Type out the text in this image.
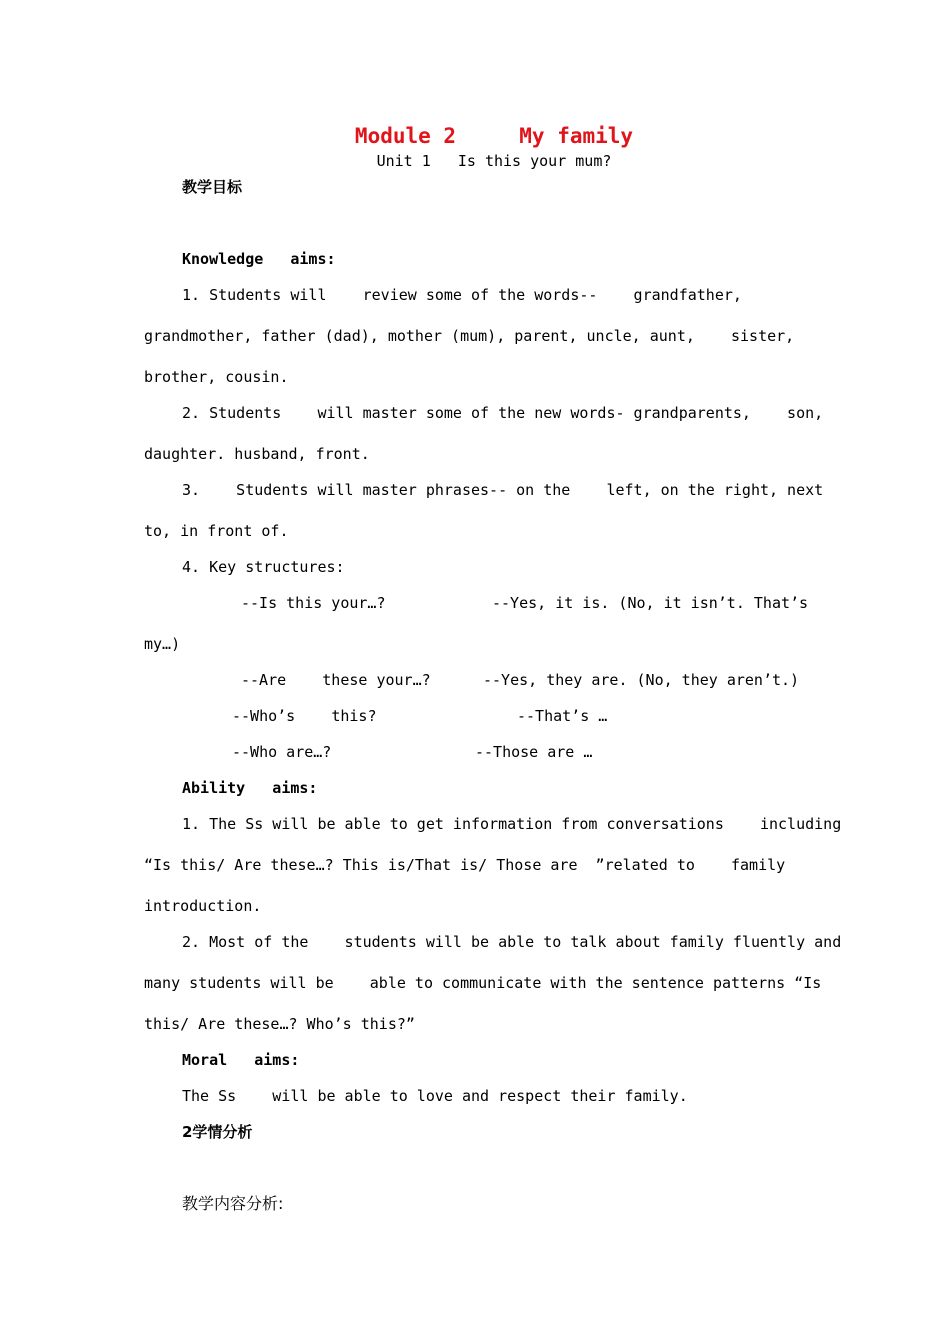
Module 2     My family
Unit 1   Is this your mum?
教学目标
Knowledge   aims:
1. Students will    review some of the words--    grandfather,
grandmother, father (dad), mother (mum), parent, uncle, aunt,    sister,
brother, cousin.
2. Students    will master some of the new words- grandparents,    son,
daughter. husband, front.
3.    Students will master phrases-- on the    left, on the right, next
to, in front of.
4. Key structures:
--Is this your…?	--Yes, it is. (No, it isn’t. That’s
my…)
--Are    these your…?	--Yes, they are. (No, they aren’t.)
--Who’s    this?	--That’s …
--Who are…?	--Those are …
Ability   aims:
1. The Ss will be able to get information from conversations    including
“Is this/ Are these…? This is/That is/ Those are  ”related to    family
introduction.
2. Most of the    students will be able to talk about family fluently and
many students will be    able to communicate with the sentence patterns “Is
this/ Are these…? Who’s this?”
Moral   aims:
The Ss    will be able to love and respect their family.
2学情分析
教学内容分析:
